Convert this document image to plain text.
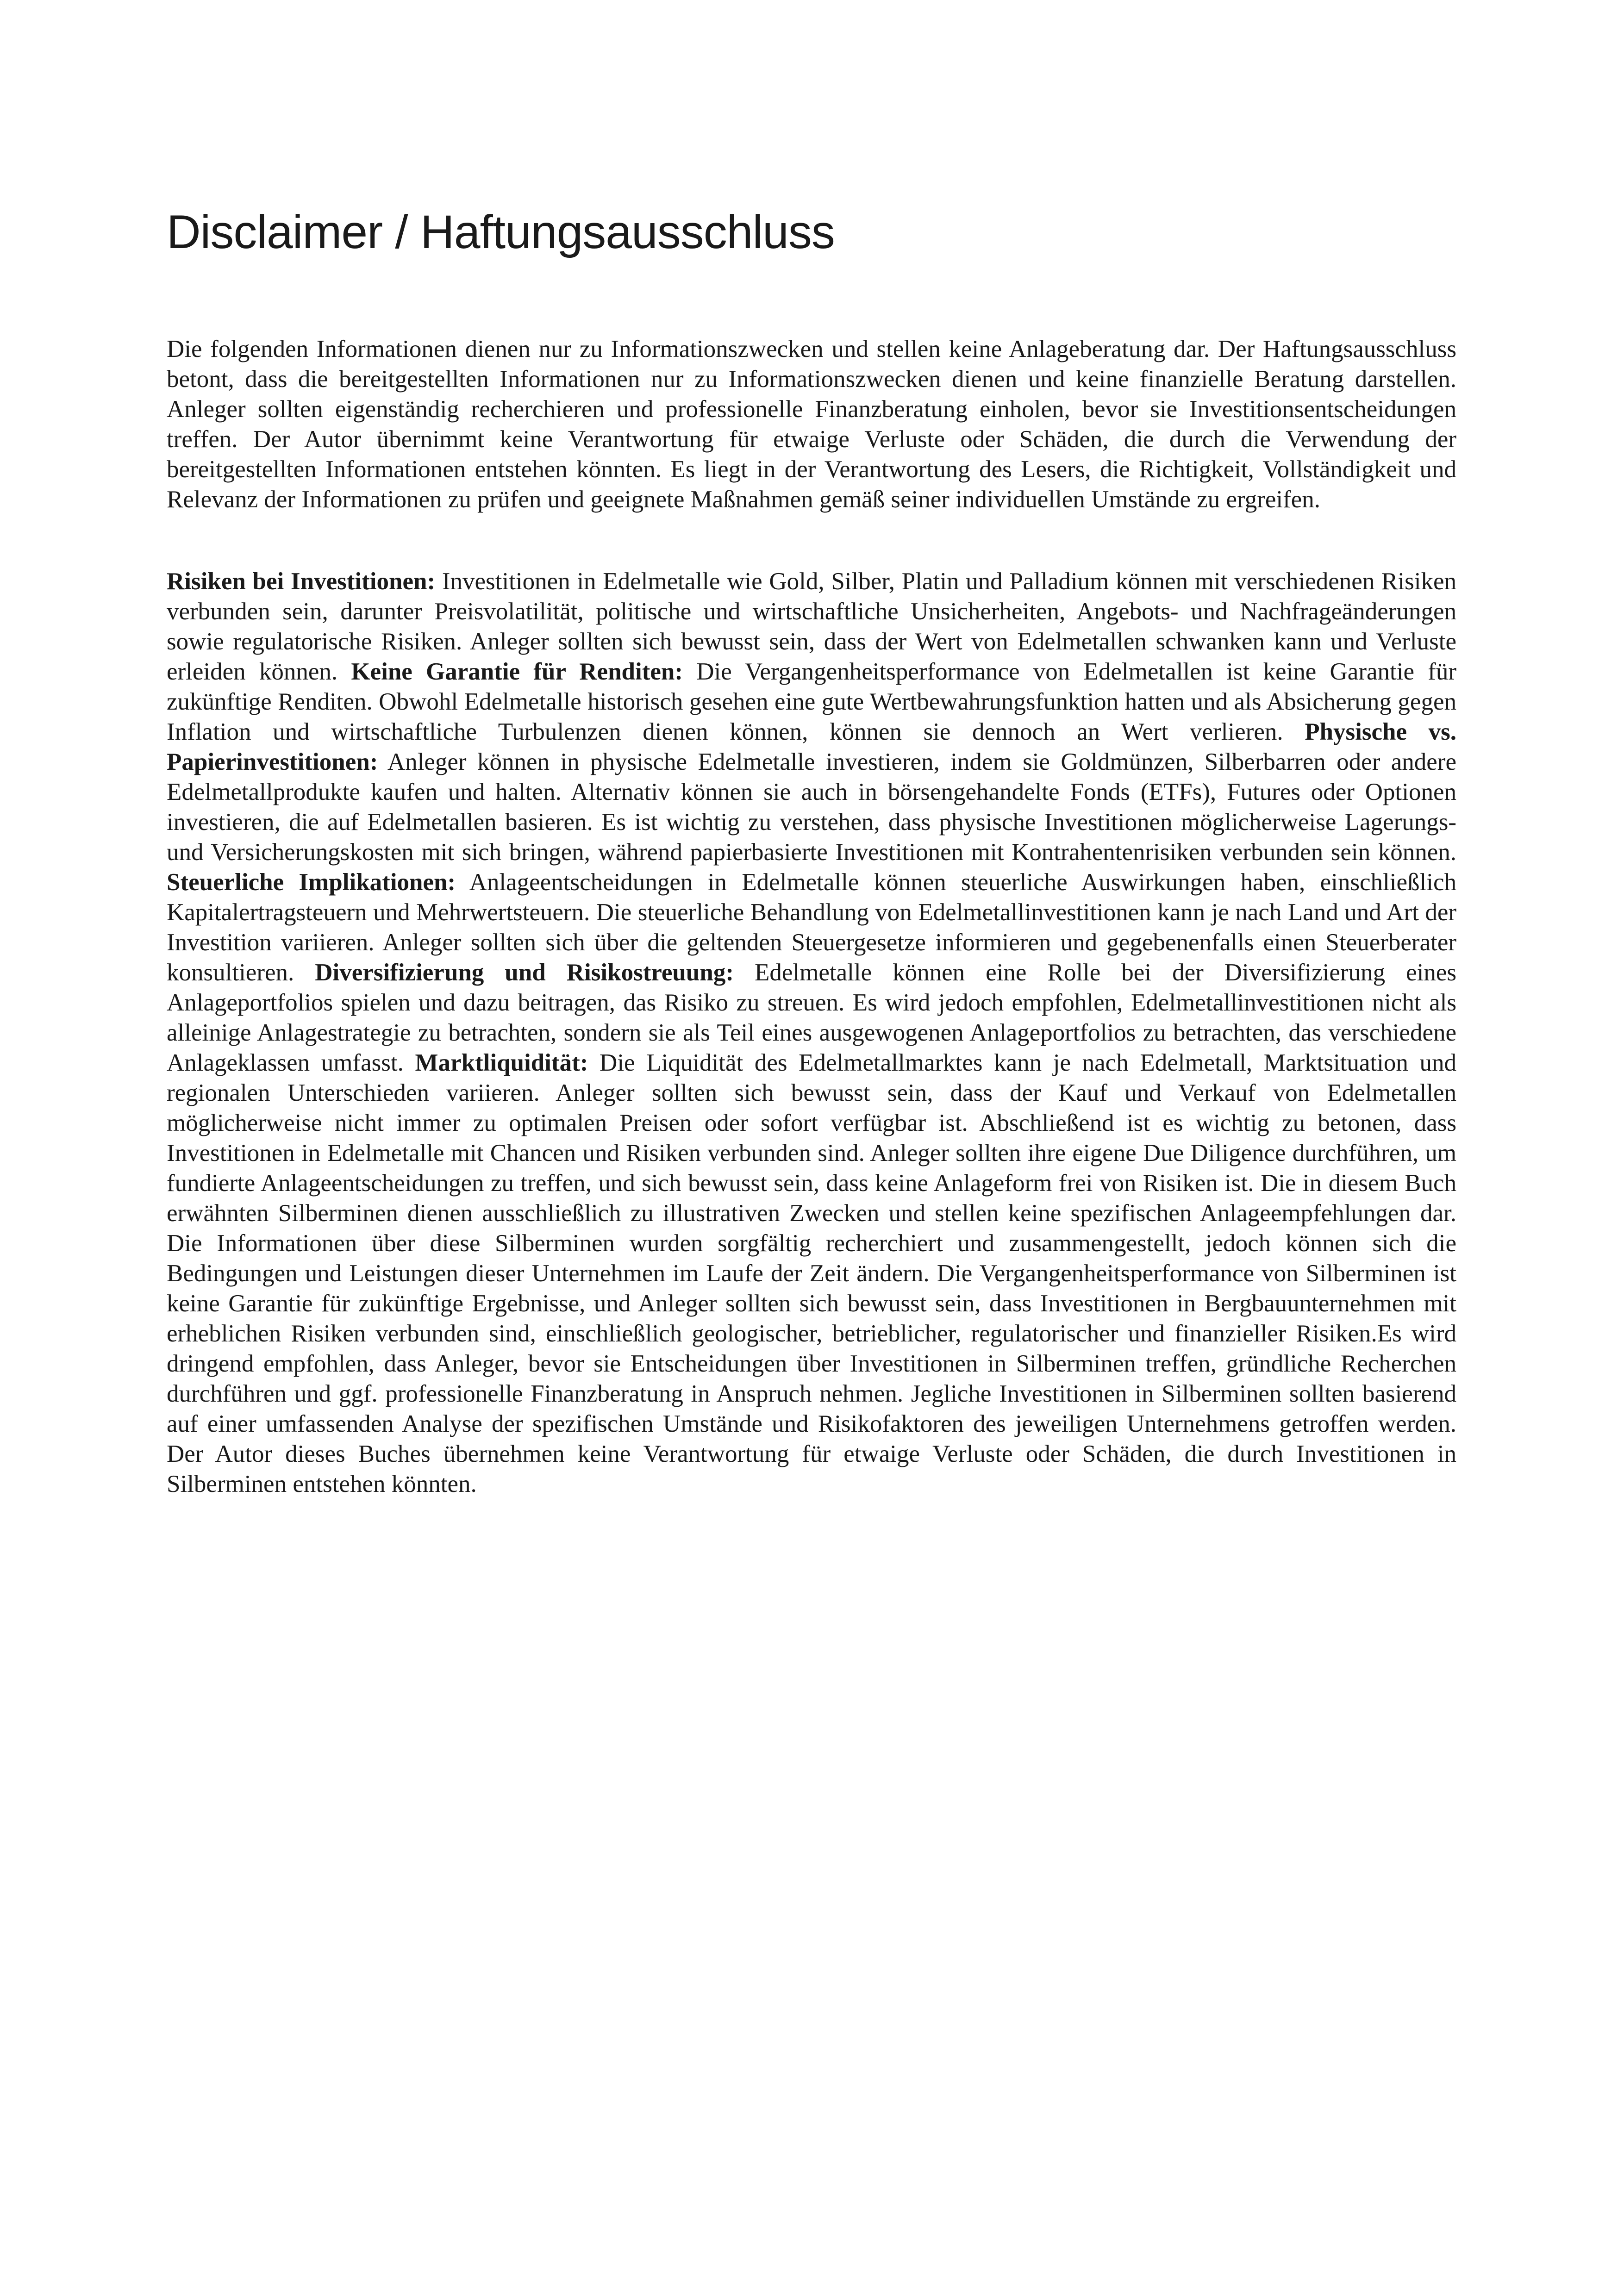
Disclaimer / Haftungsausschluss

Die folgenden Informationen dienen nur zu Informationszwecken und stellen keine Anlageberatung dar. Der Haftungsausschluss betont, dass die bereitgestellten Informationen nur zu Informationszwecken dienen und keine finanzielle Beratung darstellen. Anleger sollten eigenständig recherchieren und professionelle Finanzberatung einholen, bevor sie Investitionsentscheidungen treffen. Der Autor übernimmt keine Verantwortung für etwaige Verluste oder Schäden, die durch die Verwendung der bereitgestellten Informationen entstehen könnten. Es liegt in der Verantwortung des Lesers, die Richtigkeit, Vollständigkeit und Relevanz der Informationen zu prüfen und geeignete Maßnahmen gemäß seiner individuellen Umstände zu ergreifen.

Risiken bei Investitionen: Investitionen in Edelmetalle wie Gold, Silber, Platin und Palladium können mit verschiedenen Risiken verbunden sein, darunter Preisvolatilität, politische und wirtschaftliche Unsicherheiten, Angebots- und Nachfrageänderungen sowie regulatorische Risiken. Anleger sollten sich bewusst sein, dass der Wert von Edelmetallen schwanken kann und Verluste erleiden können. Keine Garantie für Renditen: Die Vergangenheitsperformance von Edelmetallen ist keine Garantie für zukünftige Renditen. Obwohl Edelmetalle historisch gesehen eine gute Wertbewahrungsfunktion hatten und als Absicherung gegen Inflation und wirtschaftliche Turbulenzen dienen können, können sie dennoch an Wert verlieren. Physische vs. Papierinvestitionen: Anleger können in physische Edelmetalle investieren, indem sie Goldmünzen, Silberbarren oder andere Edelmetallprodukte kaufen und halten. Alternativ können sie auch in börsengehandelte Fonds (ETFs), Futures oder Optionen investieren, die auf Edelmetallen basieren. Es ist wichtig zu verstehen, dass physische Investitionen möglicherweise Lagerungs- und Versicherungskosten mit sich bringen, während papierbasierte Investitionen mit Kontrahentenrisiken verbunden sein können. Steuerliche Implikationen: Anlageentscheidungen in Edelmetalle können steuerliche Auswirkungen haben, einschließlich Kapitalertragsteuern und Mehrwertsteuern. Die steuerliche Behandlung von Edelmetallinvestitionen kann je nach Land und Art der Investition variieren. Anleger sollten sich über die geltenden Steuergesetze informieren und gegebenenfalls einen Steuerberater konsultieren. Diversifizierung und Risikostreuung: Edelmetalle können eine Rolle bei der Diversifizierung eines Anlageportfolios spielen und dazu beitragen, das Risiko zu streuen. Es wird jedoch empfohlen, Edelmetallinvestitionen nicht als alleinige Anlagestrategie zu betrachten, sondern sie als Teil eines ausgewogenen Anlageportfolios zu betrachten, das verschiedene Anlageklassen umfasst. Marktliquidität: Die Liquidität des Edelmetallmarktes kann je nach Edelmetall, Marktsituation und regionalen Unterschieden variieren. Anleger sollten sich bewusst sein, dass der Kauf und Verkauf von Edelmetallen möglicherweise nicht immer zu optimalen Preisen oder sofort verfügbar ist. Abschließend ist es wichtig zu betonen, dass Investitionen in Edelmetalle mit Chancen und Risiken verbunden sind. Anleger sollten ihre eigene Due Diligence durchführen, um fundierte Anlageentscheidungen zu treffen, und sich bewusst sein, dass keine Anlageform frei von Risiken ist. Die in diesem Buch erwähnten Silberminen dienen ausschließlich zu illustrativen Zwecken und stellen keine spezifischen Anlageempfehlungen dar. Die Informationen über diese Silberminen wurden sorgfältig recherchiert und zusammengestellt, jedoch können sich die Bedingungen und Leistungen dieser Unternehmen im Laufe der Zeit ändern. Die Vergangenheitsperformance von Silberminen ist keine Garantie für zukünftige Ergebnisse, und Anleger sollten sich bewusst sein, dass Investitionen in Bergbauunternehmen mit erheblichen Risiken verbunden sind, einschließlich geologischer, betrieblicher, regulatorischer und finanzieller Risiken.Es wird dringend empfohlen, dass Anleger, bevor sie Entscheidungen über Investitionen in Silberminen treffen, gründliche Recherchen durchführen und ggf. professionelle Finanzberatung in Anspruch nehmen. Jegliche Investitionen in Silberminen sollten basierend auf einer umfassenden Analyse der spezifischen Umstände und Risikofaktoren des jeweiligen Unternehmens getroffen werden. Der Autor dieses Buches übernehmen keine Verantwortung für etwaige Verluste oder Schäden, die durch Investitionen in Silberminen entstehen könnten.
